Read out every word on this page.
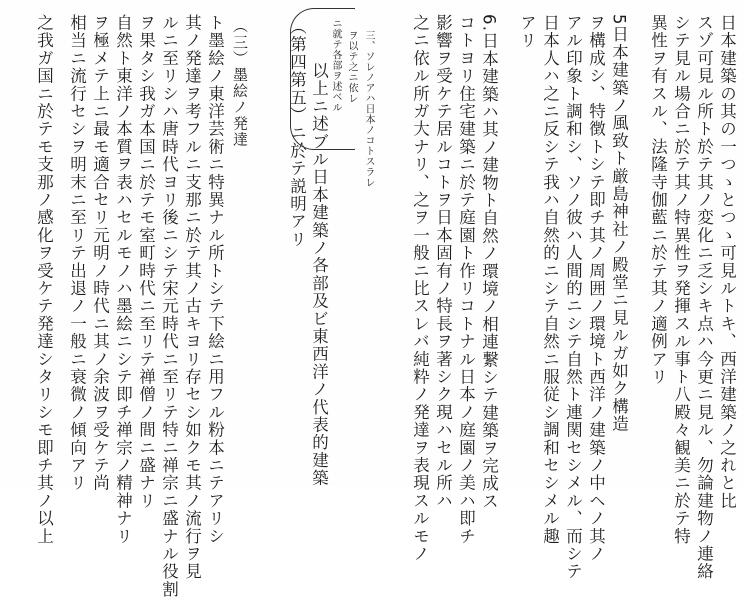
日本建築の其の一つゝとつゝ可見ルトキ、西洋建築ノ之れと比
スゾ可見ル所ト於テ其ノ変化ニ乏シキ点ハ今更ニ見ル、勿論建物ノ連絡
シテ見ル場合ニ於テ其ノ特異性ヲ発揮スル事ト八殿々観美ニ於テ特
異性ヲ有スル、法隆寺伽藍ニ於テ其ノ適例アリ
5日本建築ノ風致ト厳島神社ノ殿堂ニ見ルガ如ク構造
ヲ構成シ、特徴トシテ即チ其ノ周囲ノ環境ト西洋ノ建築ノ中ヘノ其ノ
アル印象ト調和シ、ソノ彼ハ人間的ニシテ自然ト連関セシメル、而シテ
日本人ハ之ニ反シテ我ハ自然的ニシテ自然ニ服従シ調和セシメル趣
アリ
6.日本建築ハ其ノ建物ト自然ノ環境ノ相連繋シテ建築ヲ完成ス
コトヨリ住宅建築ニ於テ庭園ト作リコトナル日本ノ庭園ノ美ハ即チ
影響ヲ受ケテ居ルコトヲ日本固有ノ特長ヲ著シク現ハセル所ハ
之ニ依ル所ガ大ナリ、之ヲ一般ニ比スレバ純粋ノ発達ヲ表現スルモノ
以上ニ述ブル日本建築ノ各部及ビ東西洋ノ代表的建築
（第四第五）ニ於テ説明アリ	ヲ以テ之ニ依レ 三、ソレノアハ日本ノコトスラレ
ニ就テ各部ヲ述ベル
（三）墨絵ノ発達
ト墨絵ノ東洋芸術ニ特異ナル所トシテ下絵ニ用フル粉本ニテアリシ
其ノ発達ヲ考フルニ支那ニ於テ其ノ古キヨリ存セシ如クモ其ノ流行ヲ見
ルニ至リシハ唐時代ヨリ後ニシテ宋元時代ニ至リテ特ニ禅宗ニ盛ナル役割
ヲ果タシ我ガ本国ニ於テモ室町時代ニ至リテ禅僧ノ間ニ盛ナリ
自然ト東洋ノ本質ヲ表ハセルモノハ墨絵ニシテ即チ禅宗ノ精神ナリ
ヲ極メテ上ニ最モ適合セリ元明ノ時代ニ其ノ余波ヲ受ケテ尚
相当ニ流行セシヲ明末ニ至リテ出退ノ一般ニ衰微ノ傾向アリ
之我ガ国ニ於テモ支那ノ感化ヲ受ケテ発達シタリシモ即チ其ノ以上
